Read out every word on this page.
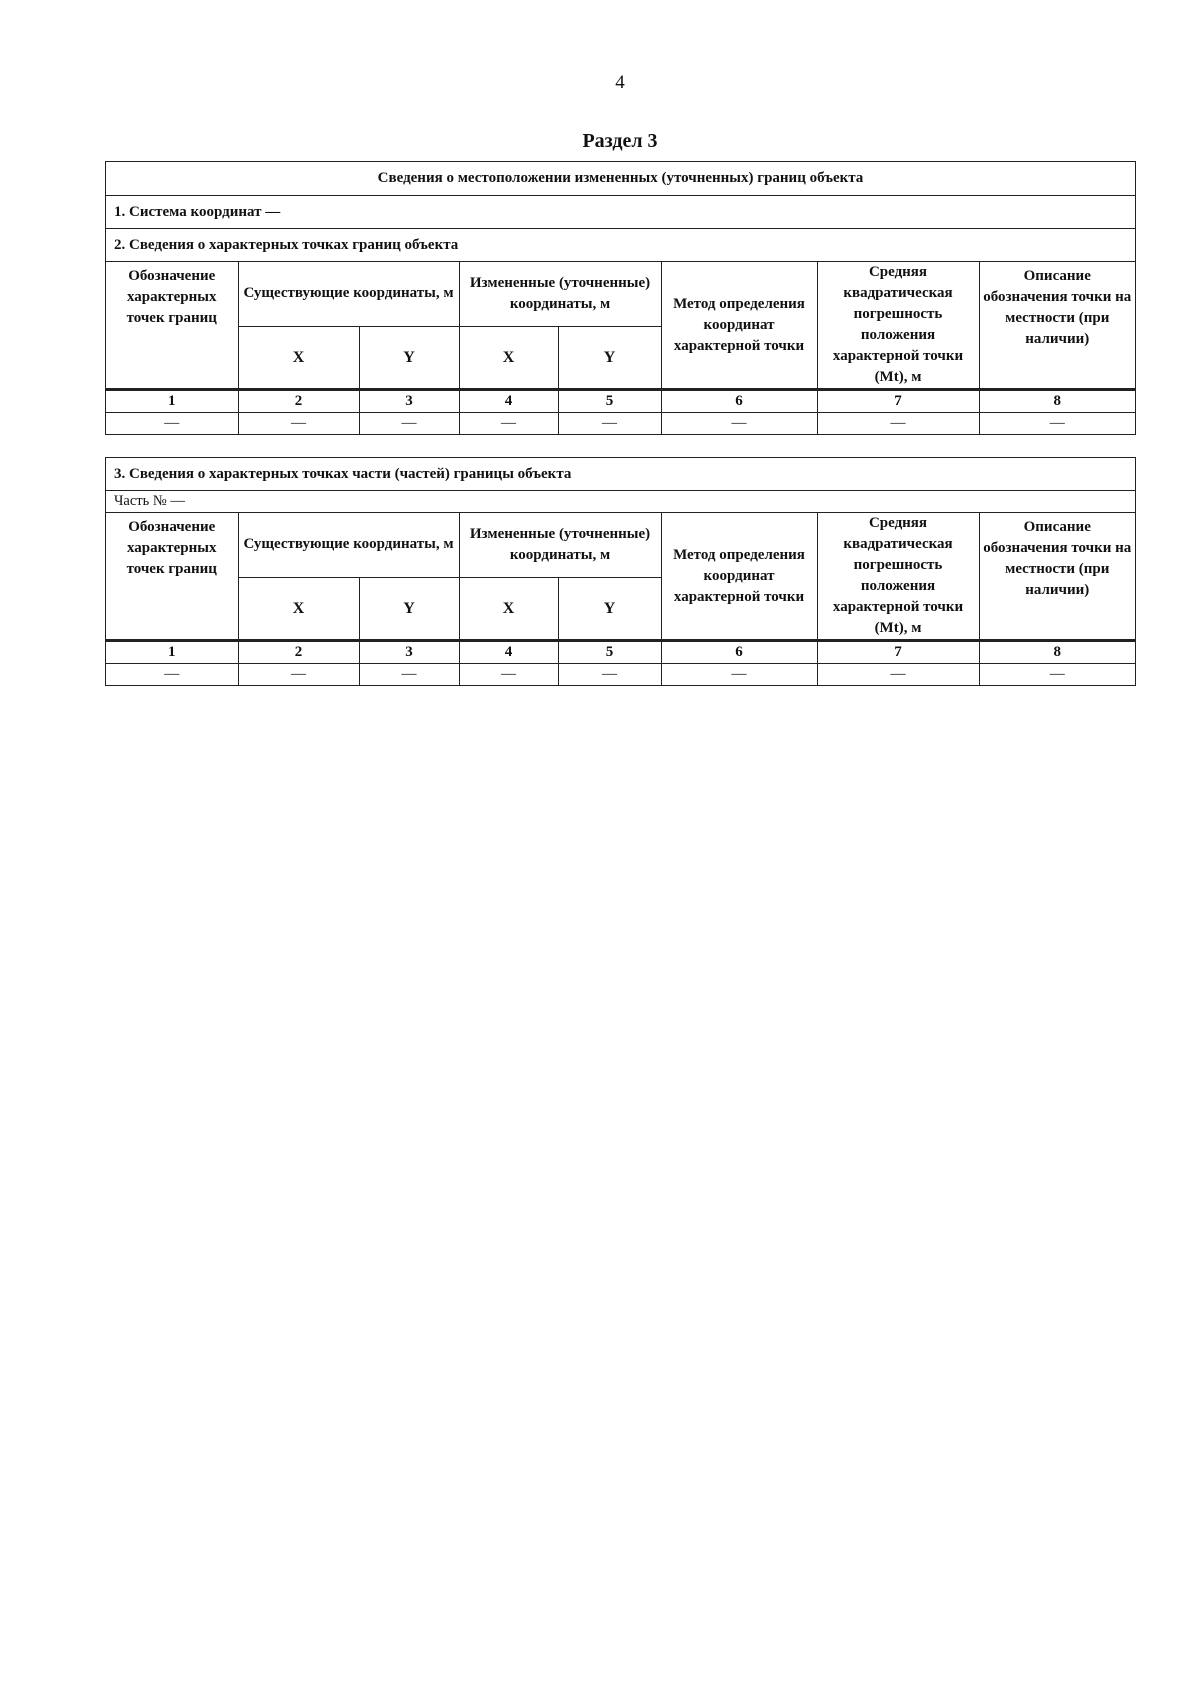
4
Раздел 3
Сведения о местоположении измененных (уточненных) границ объекта
1. Система координат —
2. Сведения о характерных точках границ объекта
Обозначение характерных точек границ	Существующие координаты, м		Измененные (уточненные) координаты, м		Метод определения координат характерной точки	Средняя квадратическая погрешность положения характерной точки (Mt), м	Описание обозначения точки на местности (при наличии)
	X	Y	X	Y			
1	2	3	4	5	6	7	8
—	—	—	—	—	—	—	—
3. Сведения о характерных точках части (частей) границы объекта
Часть № —
Обозначение характерных точек границ	Существующие координаты, м		Измененные (уточненные) координаты, м		Метод определения координат характерной точки	Средняя квадратическая погрешность положения характерной точки (Mt), м	Описание обозначения точки на местности (при наличии)
	X	Y	X	Y			
1	2	3	4	5	6	7	8
—	—	—	—	—	—	—	—
